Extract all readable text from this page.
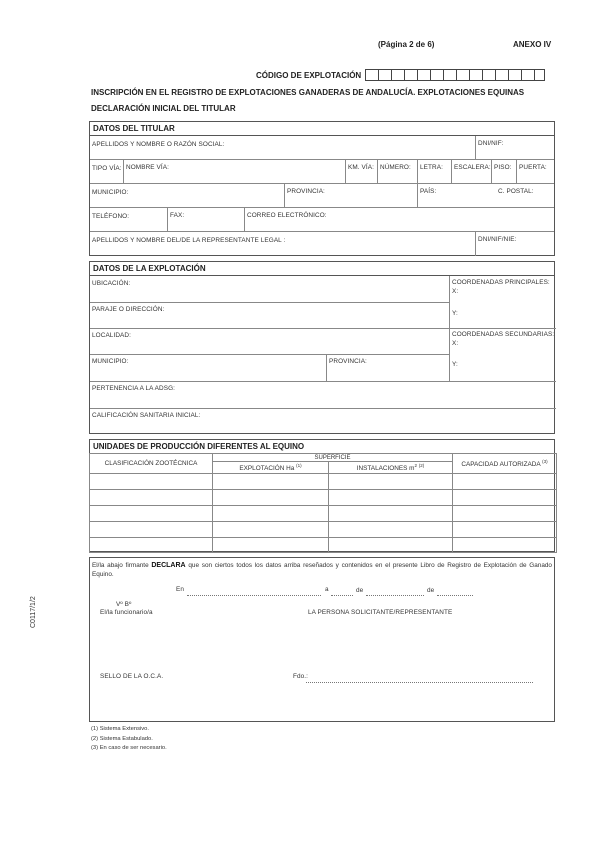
(Página 2 de 6)	ANEXO IV
CÓDIGO DE EXPLOTACIÓN
INSCRIPCIÓN EN EL REGISTRO DE EXPLOTACIONES GANADERAS DE ANDALUCÍA. EXPLOTACIONES EQUINAS
DECLARACIÓN INICIAL DEL TITULAR
DATOS DEL TITULAR
APELLIDOS Y NOMBRE O RAZÓN SOCIAL:	DNI/NIF:
TIPO VÍA: NOMBRE VÍA:	KM. VÍA: NÚMERO: LETRA: ESCALERA: PISO: PUERTA:
MUNICIPIO:	PROVINCIA:	PAÍS:	C. POSTAL:
TELÉFONO:	FAX:	CORREO ELECTRÓNICO:
APELLIDOS Y NOMBRE DEL/DE LA REPRESENTANTE LEGAL :	DNI/NIF/NIE:
DATOS DE LA EXPLOTACIÓN
UBICACIÓN:	COORDENADAS PRINCIPALES:
X:
PARAJE O DIRECCIÓN:
Y:
LOCALIDAD:	COORDENADAS SECUNDARIAS:
X:
MUNICIPIO:	PROVINCIA:	Y:
PERTENENCIA A LA ADSG:
CALIFICACIÓN SANITARIA INICIAL:
UNIDADES DE PRODUCCIÓN DIFERENTES AL EQUINO
CLASIFICACIÓN ZOOTÉCNICA	SUPERFICIE		CAPACIDAD AUTORIZADA $^{(3)}$
	EXPLOTACIÓN Ha $^{(1)}$	INSTALACIONES $m^2$ $^{(2)}$

El/la abajo firmante DECLARA que son ciertos todos los datos arriba reseñados y contenidos en el presente Libro de Registro de Explotación de Ganado Equino.
En	a	de	de
Vº Bº
El/la funcionario/a	LA PERSONA SOLICITANTE/REPRESENTANTE
SELLO DE LA O.C.A.	Fdo.:
C0117/1/2
(1) Sistema Extensivo.
(2) Sistema Estabulado.
(3) En caso de ser necesario.
